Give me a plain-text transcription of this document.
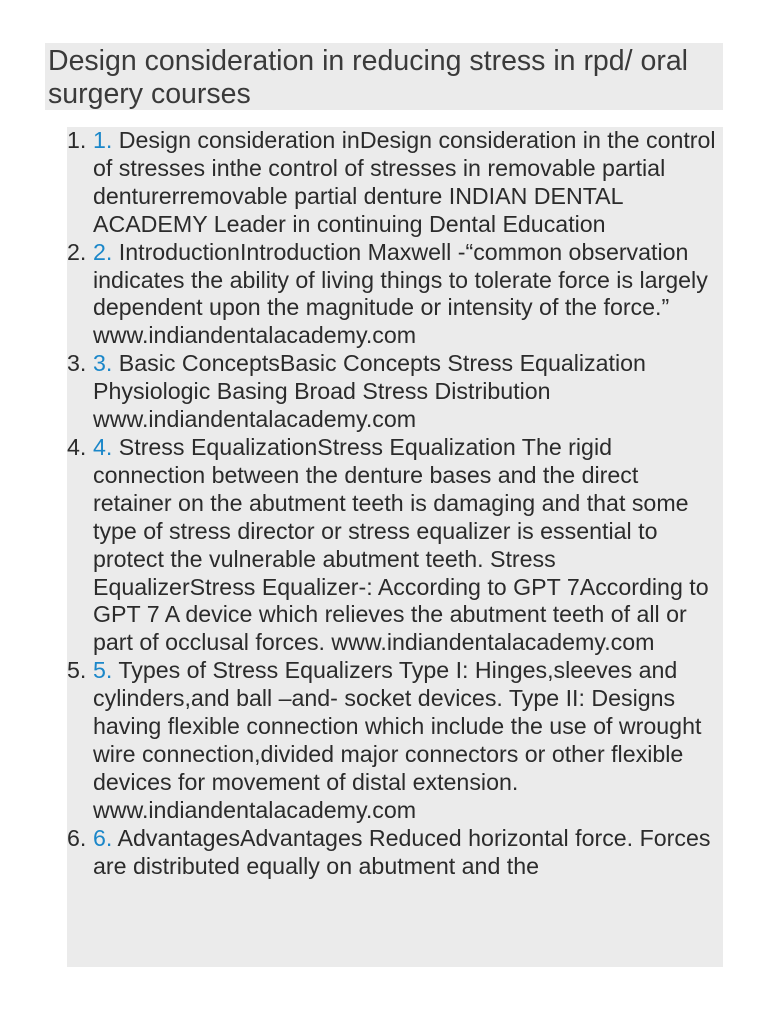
Design consideration in reducing stress in rpd/ oral surgery courses
1. 1. Design consideration inDesign consideration in the control of stresses inthe control of stresses in removable partial denturerremovable partial denture INDIAN DENTAL ACADEMY Leader in continuing Dental Education
2. 2. IntroductionIntroduction Maxwell -“common observation indicates the ability of living things to tolerate force is largely dependent upon the magnitude or intensity of the force.” www.indiandentalacademy.com
3. 3. Basic ConceptsBasic Concepts Stress Equalization Physiologic Basing Broad Stress Distribution www.indiandentalacademy.com
4. 4. Stress EqualizationStress Equalization The rigid connection between the denture bases and the direct retainer on the abutment teeth is damaging and that some type of stress director or stress equalizer is essential to protect the vulnerable abutment teeth. Stress EqualizerStress Equalizer-: According to GPT 7According to GPT 7 A device which relieves the abutment teeth of all or part of occlusal forces. www.indiandentalacademy.com
5. 5. Types of Stress Equalizers Type I: Hinges,sleeves and cylinders,and ball –and- socket devices. Type II: Designs having flexible connection which include the use of wrought wire connection,divided major connectors or other flexible devices for movement of distal extension. www.indiandentalacademy.com
6. 6. AdvantagesAdvantages Reduced horizontal force. Forces are distributed equally on abutment and the
